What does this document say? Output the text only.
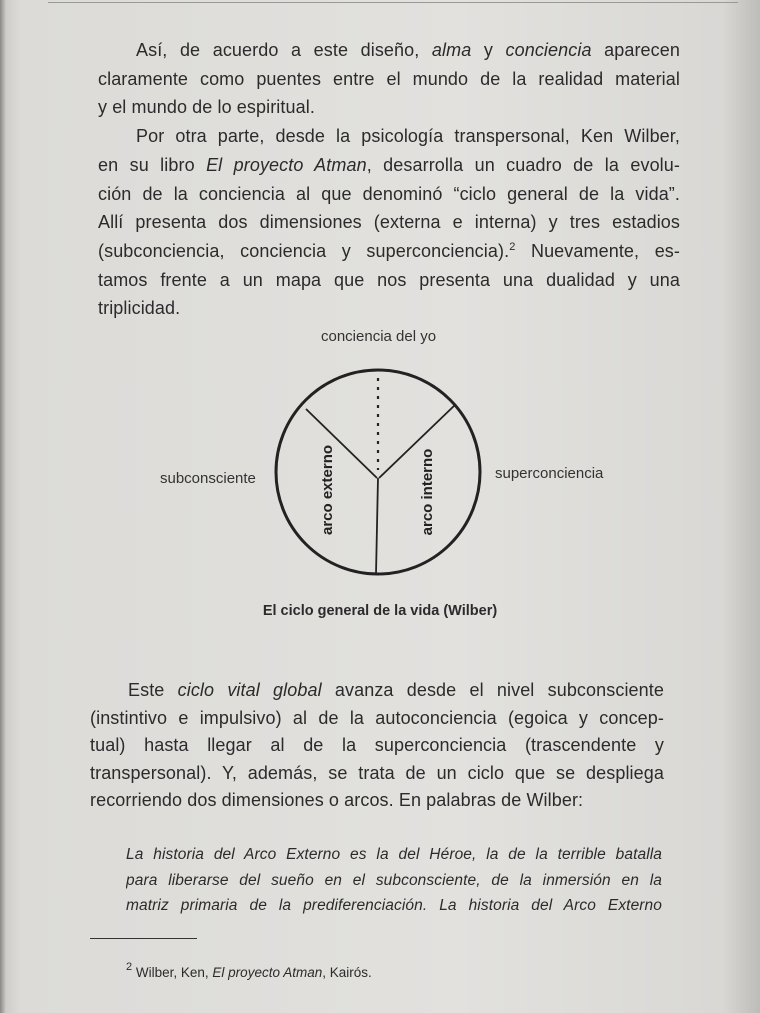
Así, de acuerdo a este diseño, alma y conciencia aparecen
claramente como puentes entre el mundo de la realidad material
y el mundo de lo espiritual.
Por otra parte, desde la psicología transpersonal, Ken Wilber,
en su libro El proyecto Atman, desarrolla un cuadro de la evolu-
ción de la conciencia al que denominó “ciclo general de la vida”.
Allí presenta dos dimensiones (externa e interna) y tres estadios
(subconciencia, conciencia y superconciencia).$^2$ Nuevamente, es-
tamos frente a un mapa que nos presenta una dualidad y una
triplicidad.
arco externo	arco interno
conciencia del yo
subconsciente	superconciencia
El ciclo general de la vida (Wilber)
Este ciclo vital global avanza desde el nivel subconsciente
(instintivo e impulsivo) al de la autoconciencia (egoica y concep-
tual) hasta llegar al de la superconciencia (trascendente y
transpersonal). Y, además, se trata de un ciclo que se despliega
recorriendo dos dimensiones o arcos. En palabras de Wilber:
La historia del Arco Externo es la del Héroe, la de la terrible batalla
para liberarse del sueño en el subconsciente, de la inmersión en la
matriz primaria de la prediferenciación. La historia del Arco Externo
$^2$ Wilber, Ken, El proyecto Atman, Kairós.
